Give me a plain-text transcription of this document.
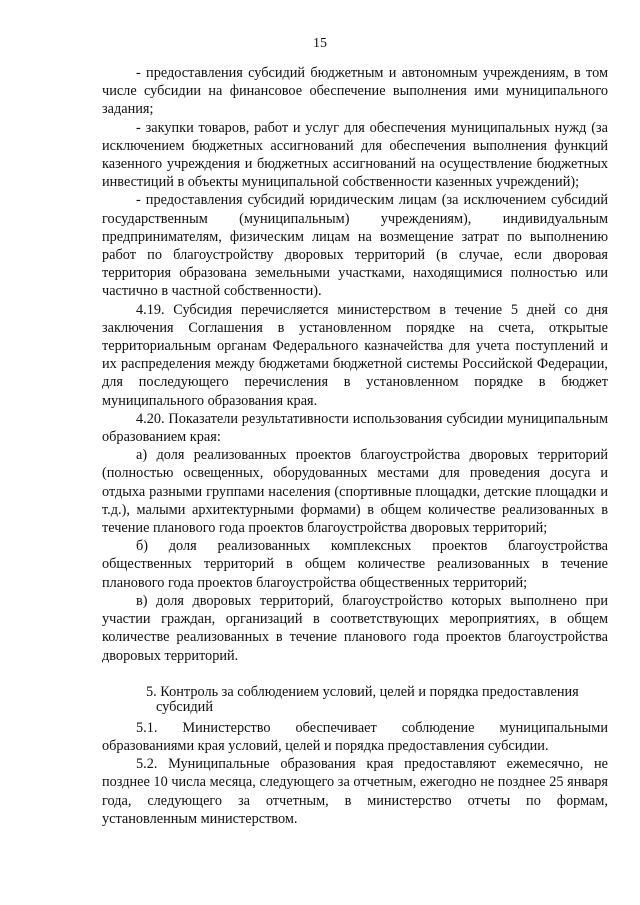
15

- предоставления субсидий бюджетным и автономным учреждениям, в том числе субсидии на финансовое обеспечение выполнения ими муниципального задания;

- закупки товаров, работ и услуг для обеспечения муниципальных нужд (за исключением бюджетных ассигнований для обеспечения выполнения функций казенного учреждения и бюджетных ассигнований на осуществление бюджетных инвестиций в объекты муниципальной собственности казенных учреждений);

- предоставления субсидий юридическим лицам (за исключением субсидий государственным (муниципальным) учреждениям), индивидуальным предпринимателям, физическим лицам на возмещение затрат по выполнению работ по благоустройству дворовых территорий (в случае, если дворовая территория образована земельными участками, находящимися полностью или частично в частной собственности).

4.19. Субсидия перечисляется министерством в течение 5 дней со дня заключения Соглашения в установленном порядке на счета, открытые территориальным органам Федерального казначейства для учета поступлений и их распределения между бюджетами бюджетной системы Российской Федерации, для последующего перечисления в установленном порядке в бюджет муниципального образования края.

4.20. Показатели результативности использования субсидии муниципальным образованием края:

а) доля реализованных проектов благоустройства дворовых территорий (полностью освещенных, оборудованных местами для проведения досуга и отдыха разными группами населения (спортивные площадки, детские площадки и т.д.), малыми архитектурными формами) в общем количестве реализованных в течение планового года проектов благоустройства дворовых территорий;

б) доля реализованных комплексных проектов благоустройства общественных территорий в общем количестве реализованных в течение планового года проектов благоустройства общественных территорий;

в) доля дворовых территорий, благоустройство которых выполнено при участии граждан, организаций в соответствующих мероприятиях, в общем количестве реализованных в течение планового года проектов благоустройства дворовых территорий.

5. Контроль за соблюдением условий, целей и порядка предоставления
субсидий

5.1. Министерство обеспечивает соблюдение муниципальными образованиями края условий, целей и порядка предоставления субсидии.

5.2. Муниципальные образования края предоставляют ежемесячно, не позднее 10 числа месяца, следующего за отчетным, ежегодно не позднее 25 января года, следующего за отчетным, в министерство отчеты по формам, установленным министерством.
